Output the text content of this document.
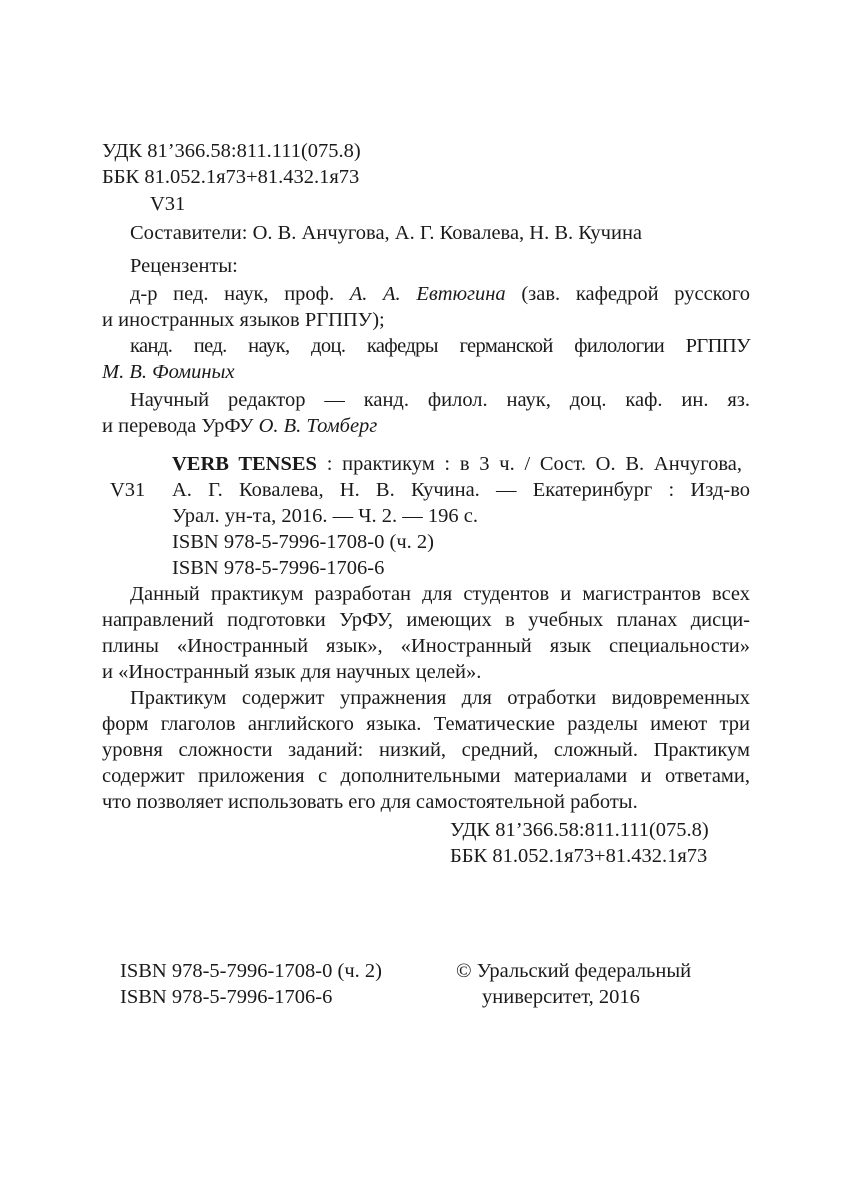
УДК 81’366.58:811.111(075.8)
ББК 81.052.1я73+81.432.1я73
V31
Составители: О. В. Анчугова, А. Г. Ковалева, Н. В. Кучина
Рецензенты:
д-р пед. наук, проф. А. А. Евтюгина (зав. кафедрой русского
и иностранных языков РГППУ);
канд. пед. наук, доц. кафедры германской филологии РГППУ
М. В. Фоминых
Научный редактор — канд. филол. наук, доц. каф. ин. яз.
и перевода УрФУ О. В. Томберг
VERB TENSES : практикум : в 3 ч. / Сост. О. В. Анчугова,
V31 А. Г. Ковалева, Н. В. Кучина. — Екатеринбург : Изд-во
Урал. ун-та, 2016. — Ч. 2. — 196 с.
ISBN 978-5-7996-1708-0 (ч. 2)
ISBN 978-5-7996-1706-6
Данный практикум разработан для студентов и магистрантов всех
направлений подготовки УрФУ, имеющих в учебных планах дисци-
плины «Иностранный язык», «Иностранный язык специальности»
и «Иностранный язык для научных целей».
Практикум содержит упражнения для отработки видовременных
форм глаголов английского языка. Тематические разделы имеют три
уровня сложности заданий: низкий, средний, сложный. Практикум
содержит приложения с дополнительными материалами и ответами,
что позволяет использовать его для самостоятельной работы.
УДК 81’366.58:811.111(075.8)
ББК 81.052.1я73+81.432.1я73
ISBN 978-5-7996-1708-0 (ч. 2)
ISBN 978-5-7996-1706-6
© Уральский федеральный
университет, 2016
